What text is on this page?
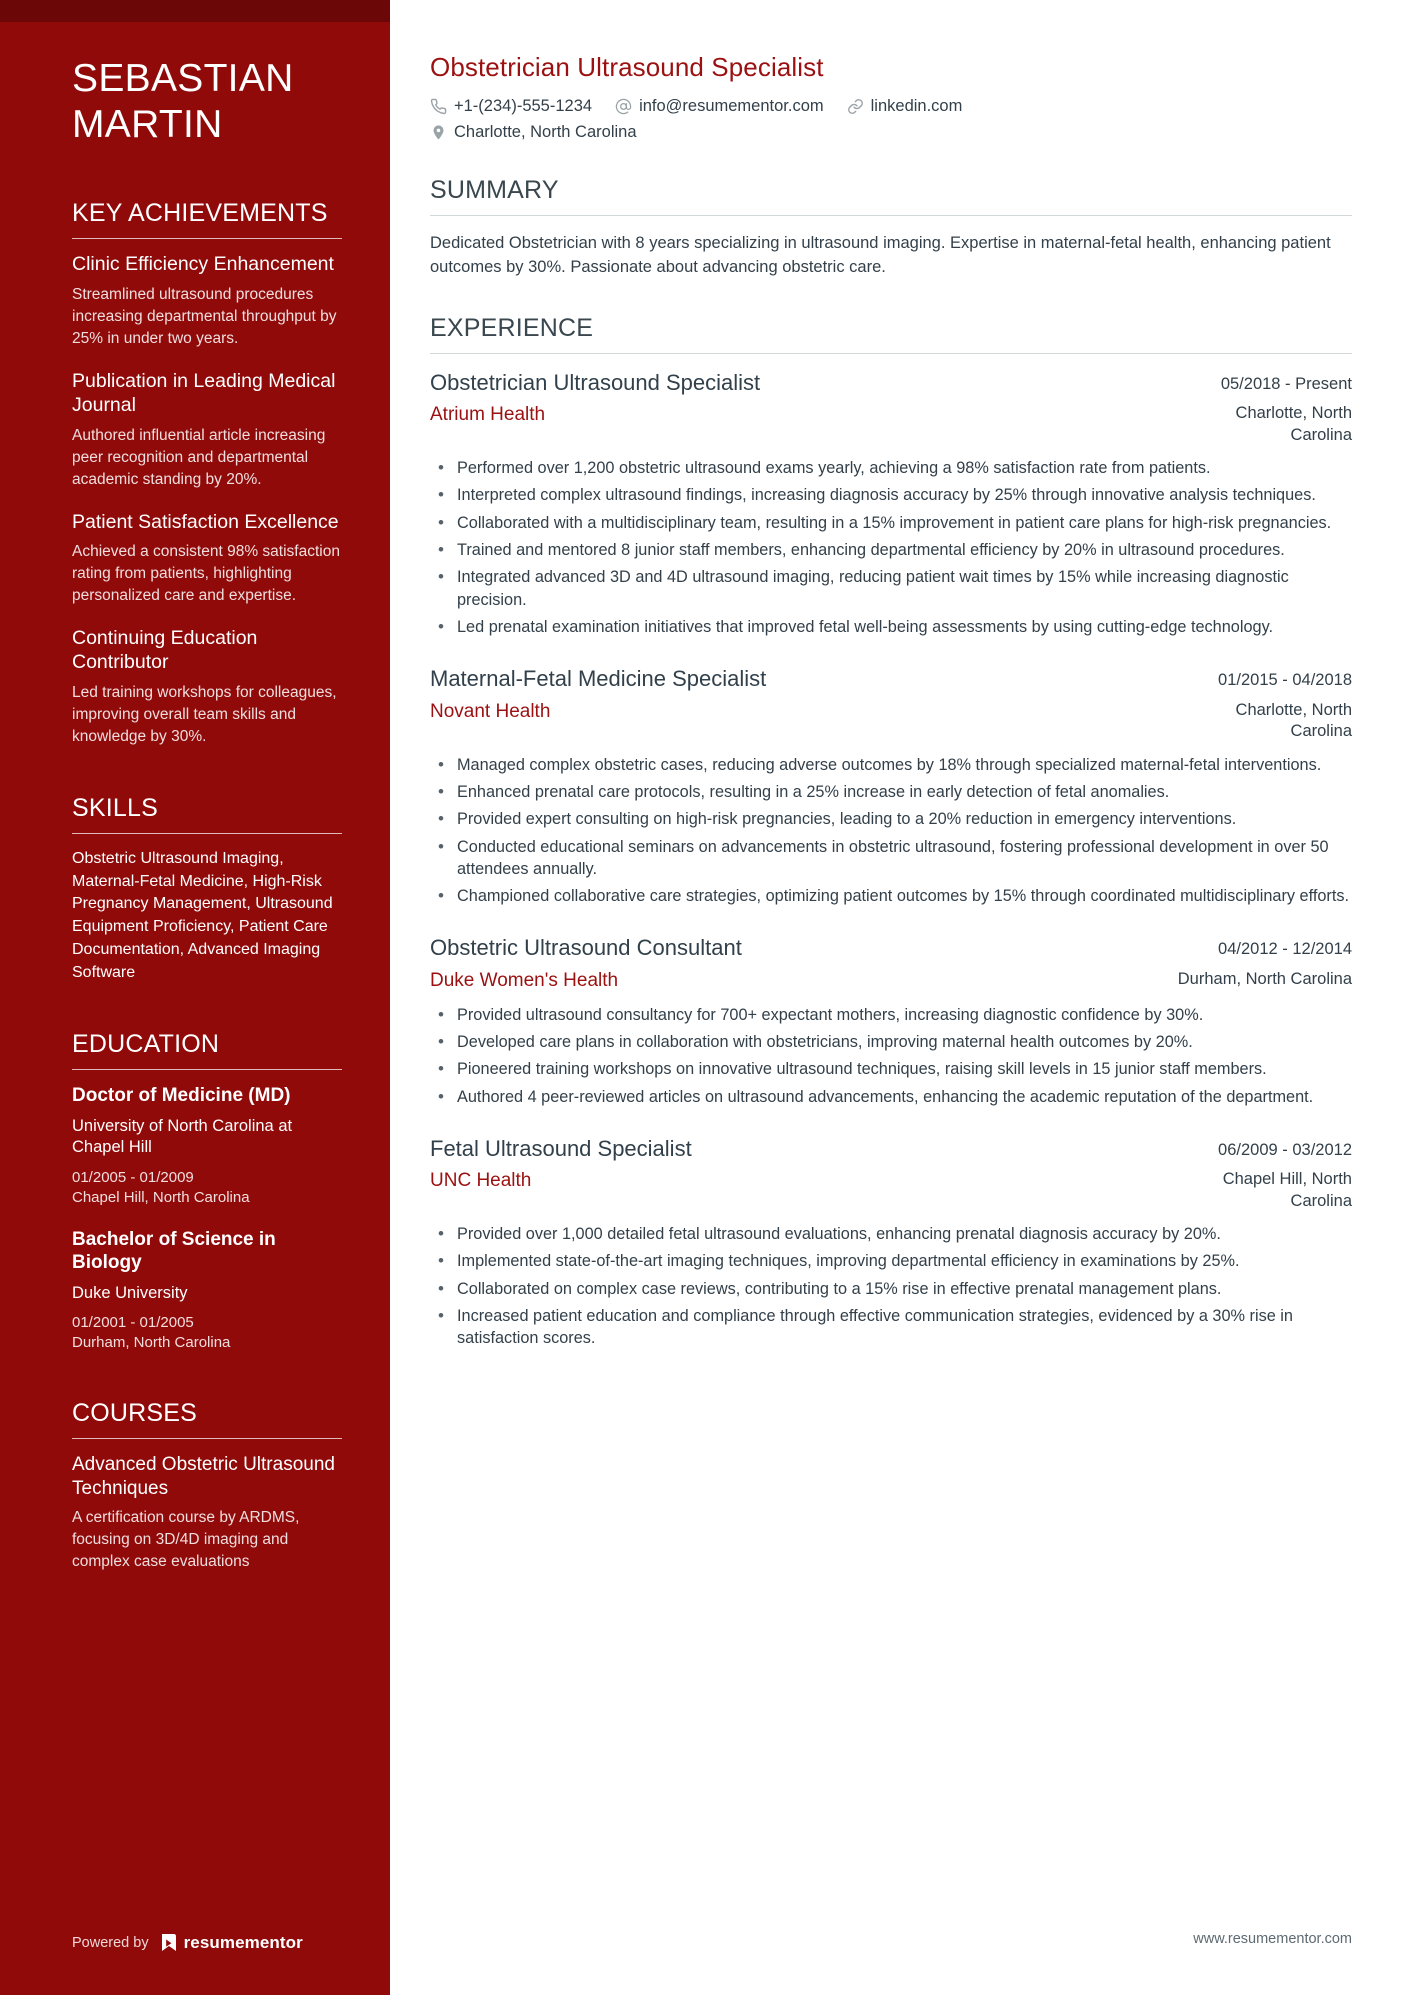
SEBASTIAN
MARTIN
KEY ACHIEVEMENTS
Clinic Efficiency Enhancement
Streamlined ultrasound procedures increasing departmental throughput by 25% in under two years.
Publication in Leading Medical Journal
Authored influential article increasing peer recognition and departmental academic standing by 20%.
Patient Satisfaction Excellence
Achieved a consistent 98% satisfaction rating from patients, highlighting personalized care and expertise.
Continuing Education Contributor
Led training workshops for colleagues, improving overall team skills and knowledge by 30%.
SKILLS
Obstetric Ultrasound Imaging, Maternal-Fetal Medicine, High-Risk Pregnancy Management, Ultrasound Equipment Proficiency, Patient Care Documentation, Advanced Imaging Software
EDUCATION
Doctor of Medicine (MD)
University of North Carolina at Chapel Hill
01/2005 - 01/2009
Chapel Hill, North Carolina
Bachelor of Science in Biology
Duke University
01/2001 - 01/2005
Durham, North Carolina
COURSES
Advanced Obstetric Ultrasound Techniques
A certification course by ARDMS, focusing on 3D/4D imaging and complex case evaluations
Powered by resumementor
Obstetrician Ultrasound Specialist
+1-(234)-555-1234	info@resumementor.com	linkedin.com
Charlotte, North Carolina
SUMMARY

Dedicated Obstetrician with 8 years specializing in ultrasound imaging. Expertise in maternal-fetal health, enhancing patient outcomes by 30%. Passionate about advancing obstetric care.

EXPERIENCE
Obstetrician Ultrasound Specialist	05/2018 - Present
Atrium Health	Charlotte, North Carolina
• Performed over 1,200 obstetric ultrasound exams yearly, achieving a 98% satisfaction rate from patients.
• Interpreted complex ultrasound findings, increasing diagnosis accuracy by 25% through innovative analysis techniques.
• Collaborated with a multidisciplinary team, resulting in a 15% improvement in patient care plans for high-risk pregnancies.
• Trained and mentored 8 junior staff members, enhancing departmental efficiency by 20% in ultrasound procedures.
• Integrated advanced 3D and 4D ultrasound imaging, reducing patient wait times by 15% while increasing diagnostic precision.
• Led prenatal examination initiatives that improved fetal well-being assessments by using cutting-edge technology.
Maternal-Fetal Medicine Specialist	01/2015 - 04/2018
Novant Health	Charlotte, North Carolina
• Managed complex obstetric cases, reducing adverse outcomes by 18% through specialized maternal-fetal interventions.
• Enhanced prenatal care protocols, resulting in a 25% increase in early detection of fetal anomalies.
• Provided expert consulting on high-risk pregnancies, leading to a 20% reduction in emergency interventions.
• Conducted educational seminars on advancements in obstetric ultrasound, fostering professional development in over 50 attendees annually.
• Championed collaborative care strategies, optimizing patient outcomes by 15% through coordinated multidisciplinary efforts.
Obstetric Ultrasound Consultant	04/2012 - 12/2014
Duke Women's Health	Durham, North Carolina
• Provided ultrasound consultancy for 700+ expectant mothers, increasing diagnostic confidence by 30%.
• Developed care plans in collaboration with obstetricians, improving maternal health outcomes by 20%.
• Pioneered training workshops on innovative ultrasound techniques, raising skill levels in 15 junior staff members.
• Authored 4 peer-reviewed articles on ultrasound advancements, enhancing the academic reputation of the department.
Fetal Ultrasound Specialist	06/2009 - 03/2012
UNC Health	Chapel Hill, North Carolina
• Provided over 1,000 detailed fetal ultrasound evaluations, enhancing prenatal diagnosis accuracy by 20%.
• Implemented state-of-the-art imaging techniques, improving departmental efficiency in examinations by 25%.
• Collaborated on complex case reviews, contributing to a 15% rise in effective prenatal management plans.
• Increased patient education and compliance through effective communication strategies, evidenced by a 30% rise in satisfaction scores.
www.resumementor.com
